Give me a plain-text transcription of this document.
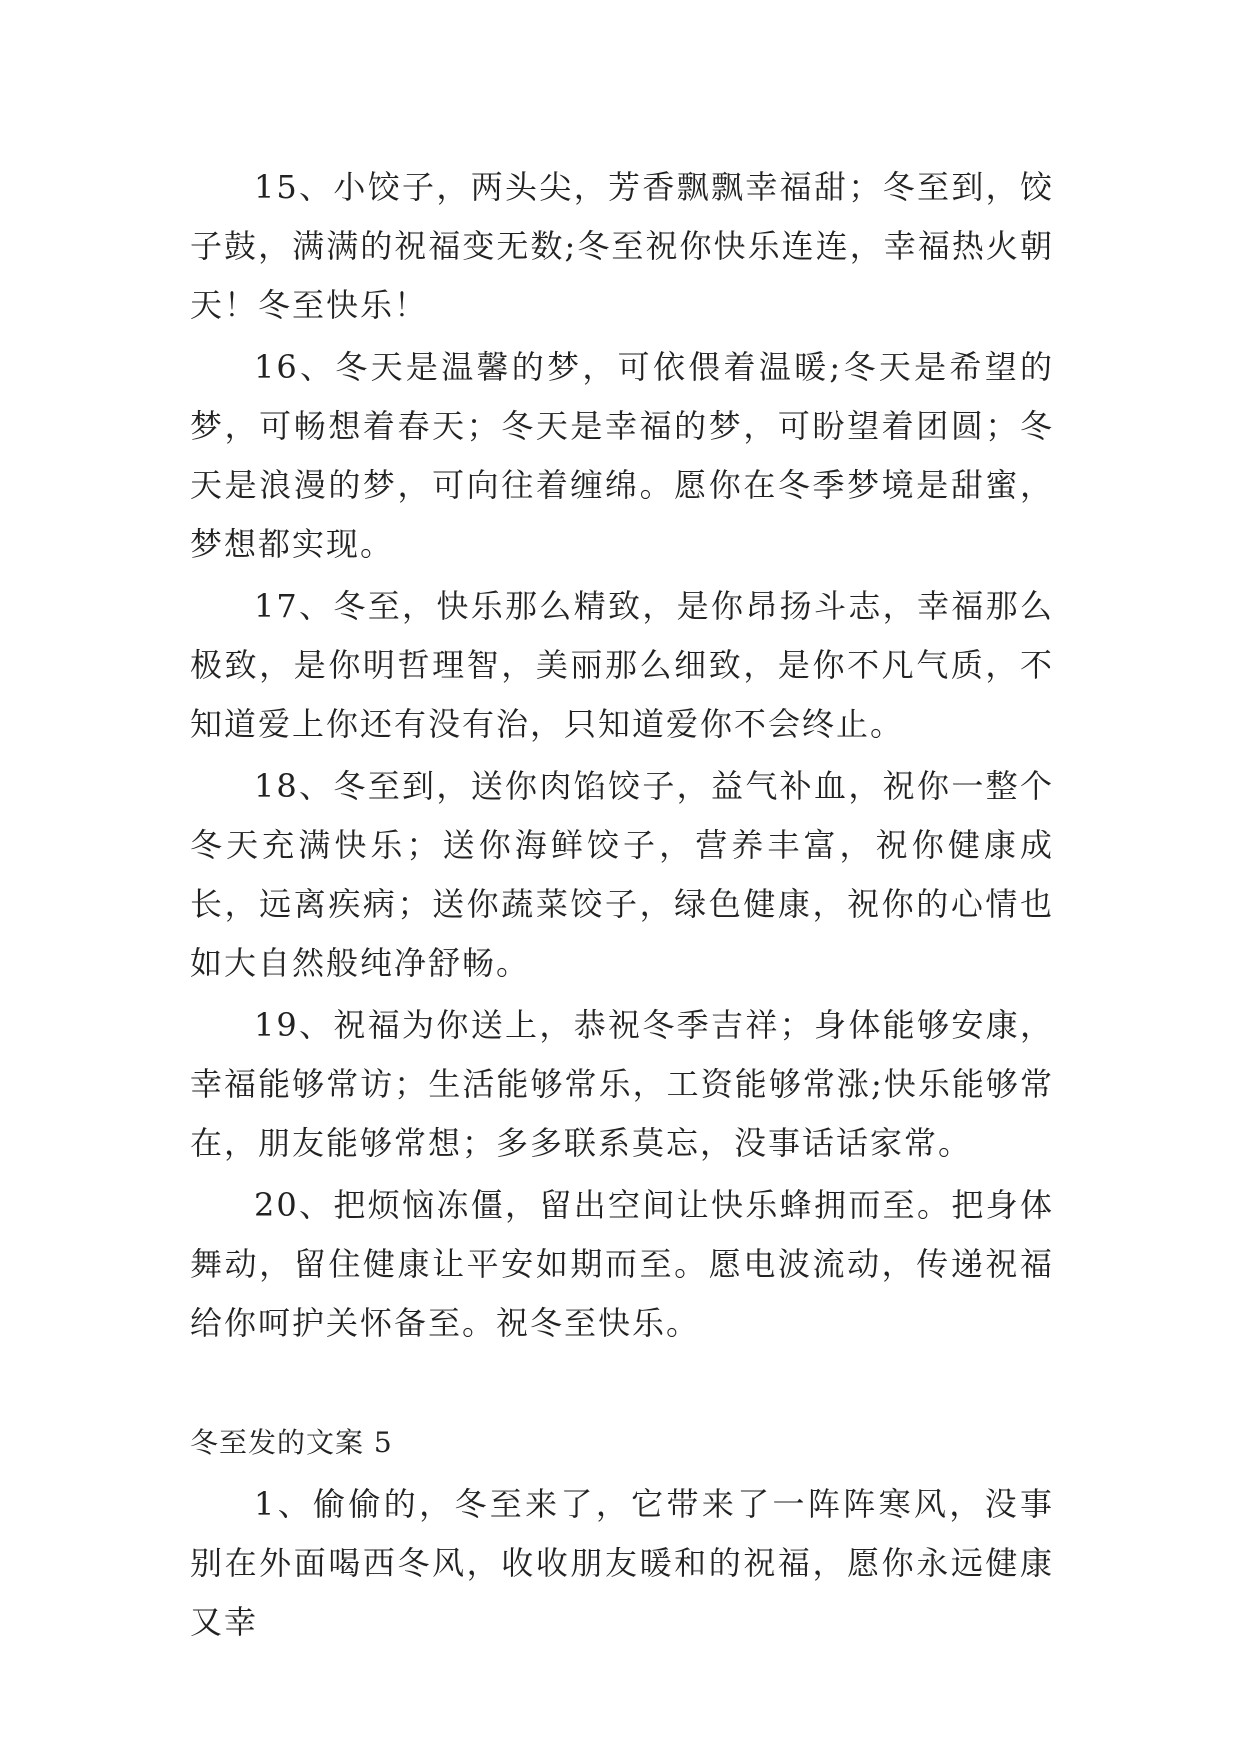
15、小饺子，两头尖，芳香飘飘幸福甜；冬至到，饺子鼓，满满的祝福变无数;冬至祝你快乐连连，幸福热火朝天！冬至快乐！

16、冬天是温馨的梦，可依偎着温暖;冬天是希望的梦，可畅想着春天；冬天是幸福的梦，可盼望着团圆；冬天是浪漫的梦，可向往着缠绵。愿你在冬季梦境是甜蜜，梦想都实现。

17、冬至，快乐那么精致，是你昂扬斗志，幸福那么极致，是你明哲理智，美丽那么细致，是你不凡气质，不知道爱上你还有没有治，只知道爱你不会终止。

18、冬至到，送你肉馅饺子，益气补血，祝你一整个冬天充满快乐；送你海鲜饺子，营养丰富，祝你健康成长，远离疾病；送你蔬菜饺子，绿色健康，祝你的心情也如大自然般纯净舒畅。

19、祝福为你送上，恭祝冬季吉祥；身体能够安康，幸福能够常访；生活能够常乐，工资能够常涨;快乐能够常在，朋友能够常想；多多联系莫忘，没事话话家常。

20、把烦恼冻僵，留出空间让快乐蜂拥而至。把身体舞动，留住健康让平安如期而至。愿电波流动，传递祝福给你呵护关怀备至。祝冬至快乐。

冬至发的文案 5

1、偷偷的，冬至来了，它带来了一阵阵寒风，没事别在外面喝西冬风，收收朋友暖和的祝福，愿你永远健康又幸
